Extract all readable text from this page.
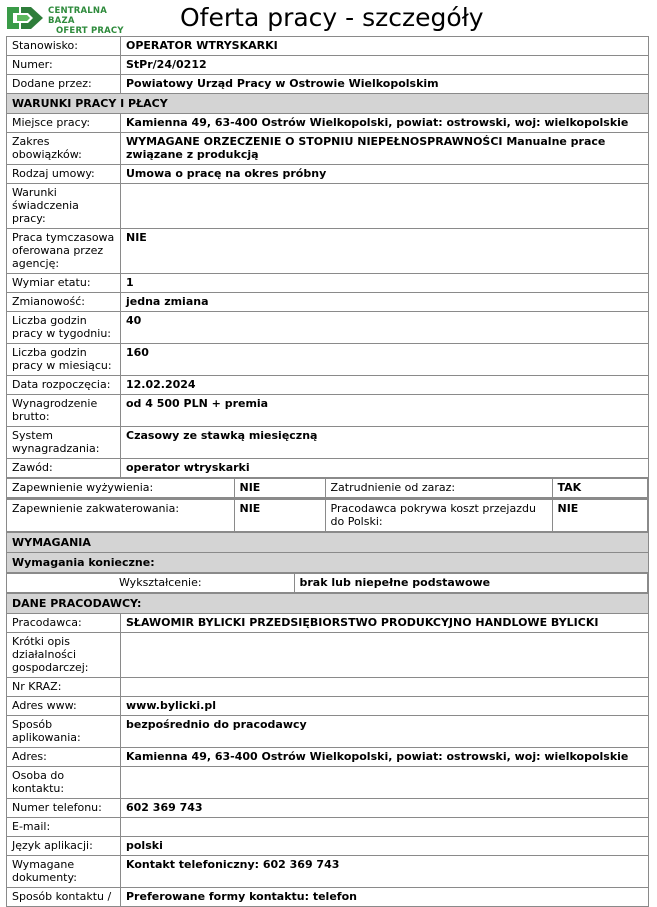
CENTRALNA BAZA
OFERT PRACY Oferta pracy - szczegóły
Stanowisko:	OPERATOR WTRYSKARKI
Numer:	StPr/24/0212
Dodane przez:	Powiatowy Urząd Pracy w Ostrowie Wielkopolskim
WARUNKI PRACY I PŁACY
Miejsce pracy:	Kamienna 49, 63-400 Ostrów Wielkopolski, powiat: ostrowski, woj: wielkopolskie
Zakres obowiązków:	WYMAGANE ORZECZENIE O STOPNIU NIEPEŁNOSPRAWNOŚCI Manualne prace związane z produkcją
Rodzaj umowy:	Umowa o pracę na okres próbny
Warunki świadczenia pracy:	
Praca tymczasowa oferowana przez agencję:	NIE
Wymiar etatu:	1
Zmianowość:	jedna zmiana
Liczba godzin pracy w tygodniu:	40
Liczba godzin pracy w miesiącu:	160
Data rozpoczęcia:	12.02.2024
Wynagrodzenie brutto:	od 4 500 PLN + premia
System wynagradzania:	Czasowy ze stawką miesięczną
Zawód:	operator wtryskarki

Zapewnienie wyżywienia:	NIE	Zatrudnienie od zaraz:	TAK

Zapewnienie zakwaterowania:	NIE	Pracodawca pokrywa koszt przejazdu do Polski:	NIE

WYMAGANIA
Wymagania konieczne:

Wykształcenie:	brak lub niepełne podstawowe

DANE PRACODAWCY:
Pracodawca:	SŁAWOMIR BYLICKI PRZEDSIĘBIORSTWO PRODUKCYJNO HANDLOWE BYLICKI
Krótki opis działalności gospodarczej:	
Nr KRAZ:	
Adres www:	www.bylicki.pl
Sposób aplikowania:	bezpośrednio do pracodawcy
Adres:	Kamienna 49, 63-400 Ostrów Wielkopolski, powiat: ostrowski, woj: wielkopolskie
Osoba do kontaktu:	
Numer telefonu:	602 369 743
E-mail:	
Język aplikacji:	polski
Wymagane dokumenty:	Kontakt telefoniczny: 602 369 743
Sposób kontaktu /	Preferowane formy kontaktu: telefon
